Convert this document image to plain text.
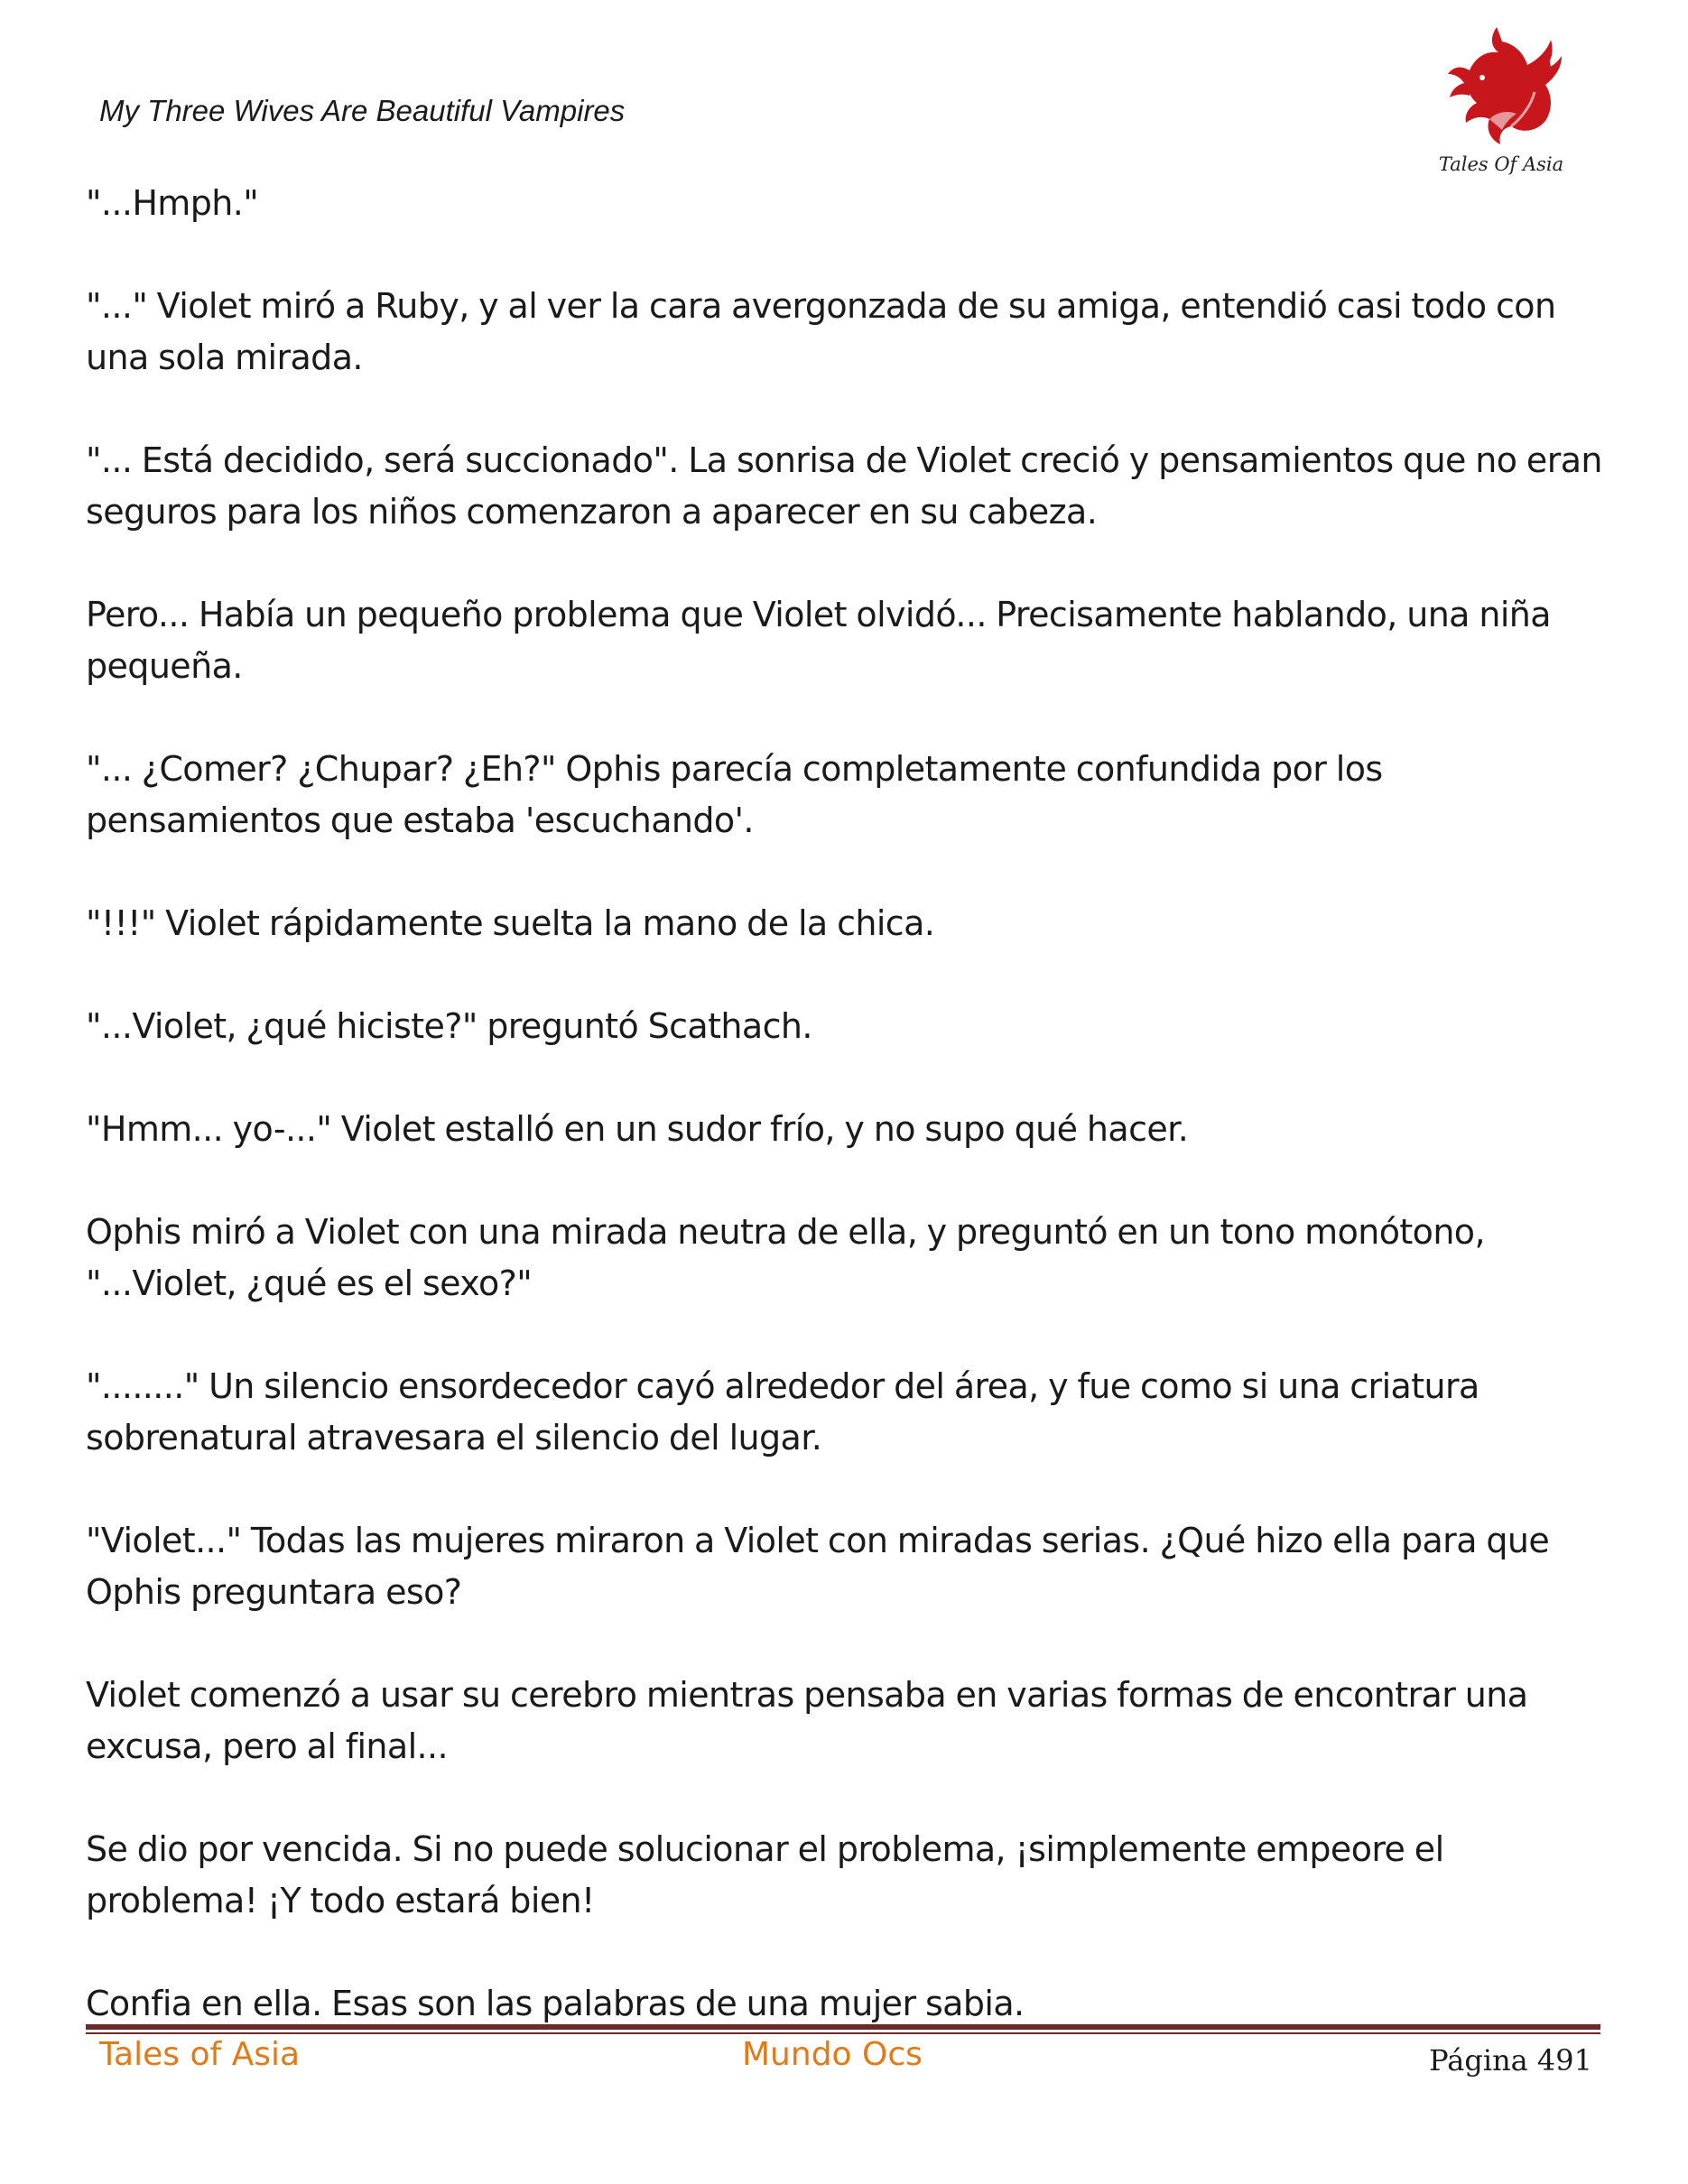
My Three Wives Are Beautiful Vampires
Tales Of Asia

"...Hmph."

"..." Violet miró a Ruby, y al ver la cara avergonzada de su amiga, entendió casi todo con una sola mirada.

"... Está decidido, será succionado". La sonrisa de Violet creció y pensamientos que no eran seguros para los niños comenzaron a aparecer en su cabeza.

Pero... Había un pequeño problema que Violet olvidó... Precisamente hablando, una niña pequeña.

"... ¿Comer? ¿Chupar? ¿Eh?" Ophis parecía completamente confundida por los pensamientos que estaba 'escuchando'.

"!!!" Violet rápidamente suelta la mano de la chica.

"...Violet, ¿qué hiciste?" preguntó Scathach.

"Hmm... yo-..." Violet estalló en un sudor frío, y no supo qué hacer.

Ophis miró a Violet con una mirada neutra de ella, y preguntó en un tono monótono, "...Violet, ¿qué es el sexo?"

"........" Un silencio ensordecedor cayó alrededor del área, y fue como si una criatura sobrenatural atravesara el silencio del lugar.

"Violet..." Todas las mujeres miraron a Violet con miradas serias. ¿Qué hizo ella para que Ophis preguntara eso?

Violet comenzó a usar su cerebro mientras pensaba en varias formas de encontrar una excusa, pero al final...

Se dio por vencida. Si no puede solucionar el problema, ¡simplemente empeore el problema! ¡Y todo estará bien!

Confia en ella. Esas son las palabras de una mujer sabia.

Tales of Asia	Mundo Ocs	Página 491
